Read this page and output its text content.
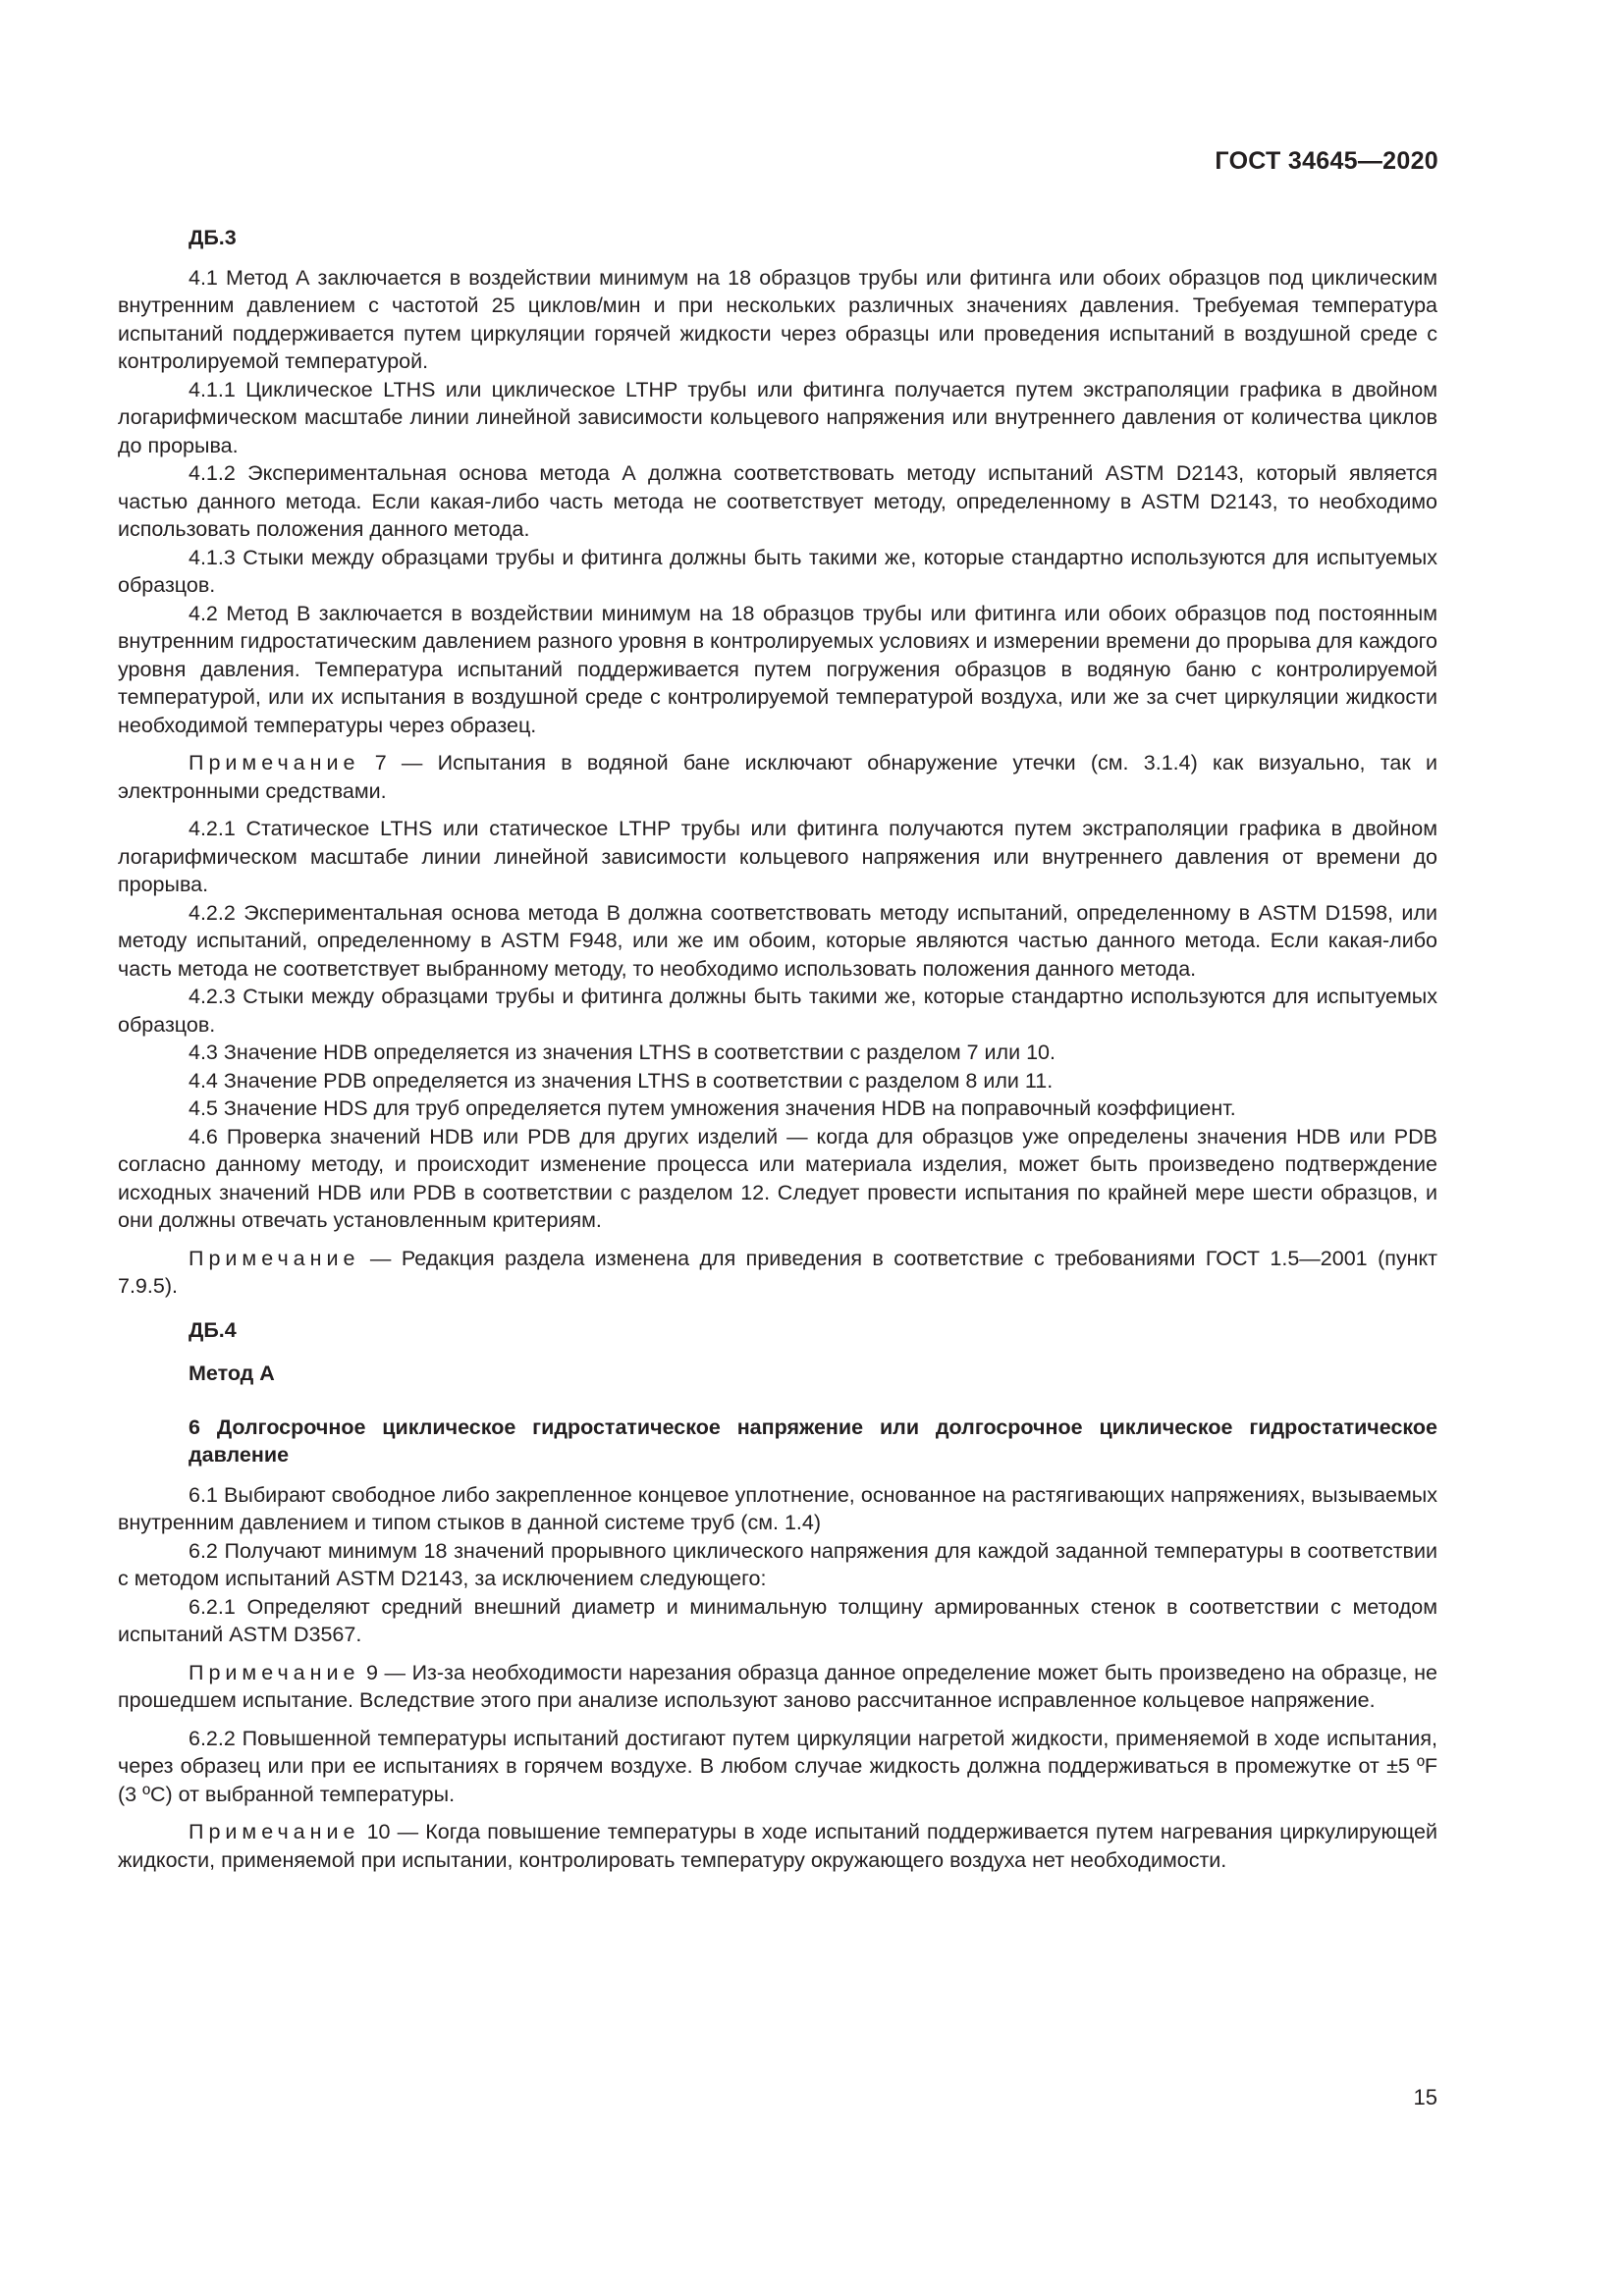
ГОСТ 34645—2020
ДБ.3

4.1 Метод А заключается в воздействии минимум на 18 образцов трубы или фитинга или обоих образцов под циклическим внутренним давлением с частотой 25 циклов/мин и при нескольких различных значениях давления. Требуемая температура испытаний поддерживается путем циркуляции горячей жидкости через образцы или проведения испытаний в воздушной среде с контролируемой температурой.

4.1.1 Циклическое LTHS или циклическое LTHP трубы или фитинга получается путем экстраполяции графика в двойном логарифмическом масштабе линии линейной зависимости кольцевого напряжения или внутреннего давления от количества циклов до прорыва.

4.1.2 Экспериментальная основа метода А должна соответствовать методу испытаний ASTM D2143, который является частью данного метода. Если какая-либо часть метода не соответствует методу, определенному в ASTM D2143, то необходимо использовать положения данного метода.

4.1.3 Стыки между образцами трубы и фитинга должны быть такими же, которые стандартно используются для испытуемых образцов.

4.2 Метод В заключается в воздействии минимум на 18 образцов трубы или фитинга или обоих образцов под постоянным внутренним гидростатическим давлением разного уровня в контролируемых условиях и измерении времени до прорыва для каждого уровня давления. Температура испытаний поддерживается путем погружения образцов в водяную баню с контролируемой температурой, или их испытания в воздушной среде с контролируемой температурой воздуха, или же за счет циркуляции жидкости необходимой температуры через образец.

Примечание 7 — Испытания в водяной бане исключают обнаружение утечки (см. 3.1.4) как визуально, так и электронными средствами.

4.2.1 Статическое LTHS или статическое LTHP трубы или фитинга получаются путем экстраполяции графика в двойном логарифмическом масштабе линии линейной зависимости кольцевого напряжения или внутреннего давления от времени до прорыва.

4.2.2 Экспериментальная основа метода В должна соответствовать методу испытаний, определенному в ASTM D1598, или методу испытаний, определенному в ASTM F948, или же им обоим, которые являются частью данного метода. Если какая-либо часть метода не соответствует выбранному методу, то необходимо использовать положения данного метода.

4.2.3 Стыки между образцами трубы и фитинга должны быть такими же, которые стандартно используются для испытуемых образцов.

4.3 Значение HDB определяется из значения LTHS в соответствии с разделом 7 или 10.

4.4 Значение PDB определяется из значения LTHS в соответствии с разделом 8 или 11.

4.5 Значение HDS для труб определяется путем умножения значения HDB на поправочный коэффициент.

4.6 Проверка значений HDB или PDB для других изделий — когда для образцов уже определены значения HDB или PDB согласно данному методу, и происходит изменение процесса или материала изделия, может быть произведено подтверждение исходных значений HDB или PDB в соответствии с разделом 12. Следует провести испытания по крайней мере шести образцов, и они должны отвечать установленным критериям.

Примечание — Редакция раздела изменена для приведения в соответствие с требованиями ГОСТ 1.5—2001 (пункт 7.9.5).

ДБ.4
Метод А
6 Долгосрочное циклическое гидростатическое напряжение или долгосрочное циклическое гидростатическое давление

6.1 Выбирают свободное либо закрепленное концевое уплотнение, основанное на растягивающих напряжениях, вызываемых внутренним давлением и типом стыков в данной системе труб (см. 1.4)

6.2 Получают минимум 18 значений прорывного циклического напряжения для каждой заданной температуры в соответствии с методом испытаний ASTM D2143, за исключением следующего:

6.2.1 Определяют средний внешний диаметр и минимальную толщину армированных стенок в соответствии с методом испытаний ASTM D3567.

Примечание 9 — Из-за необходимости нарезания образца данное определение может быть произведено на образце, не прошедшем испытание. Вследствие этого при анализе используют заново рассчитанное исправленное кольцевое напряжение.

6.2.2 Повышенной температуры испытаний достигают путем циркуляции нагретой жидкости, применяемой в ходе испытания, через образец или при ее испытаниях в горячем воздухе. В любом случае жидкость должна поддерживаться в промежутке от ±5 ºF (3 ºC) от выбранной температуры.

Примечание 10 — Когда повышение температуры в ходе испытаний поддерживается путем нагревания циркулирующей жидкости, применяемой при испытании, контролировать температуру окружающего воздуха нет необходимости.

15
